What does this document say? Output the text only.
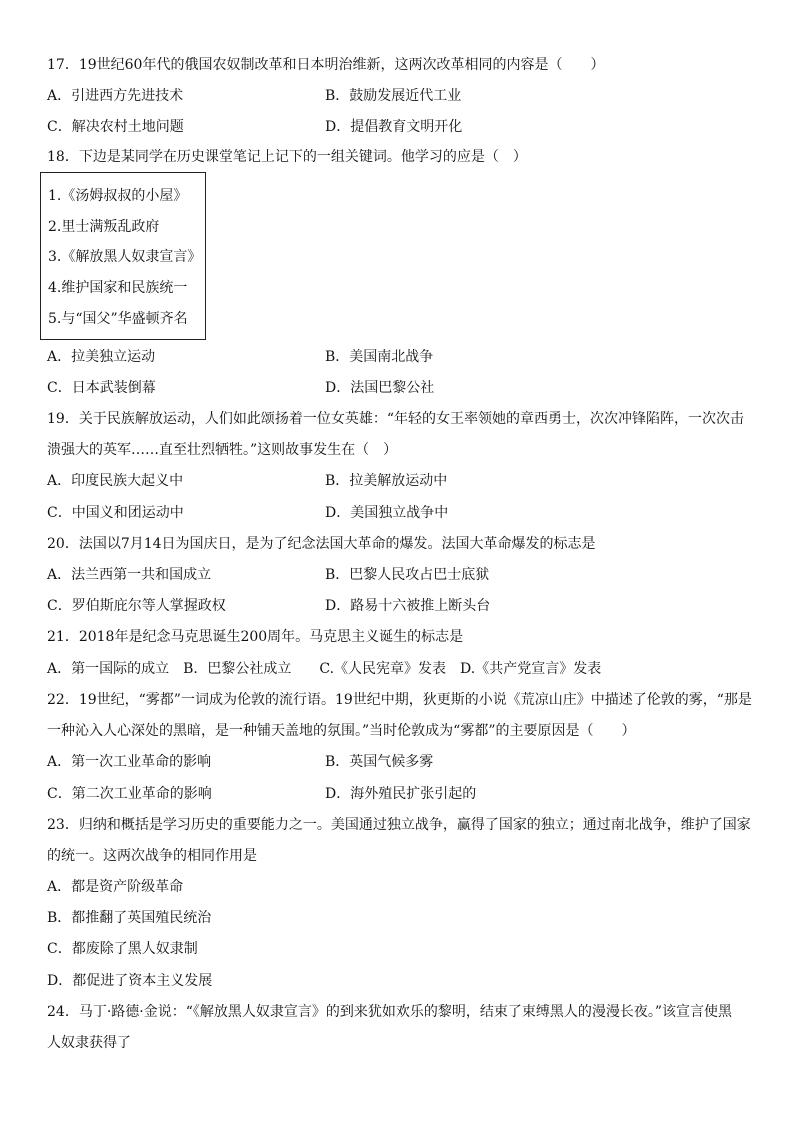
17．19世纪60年代的俄国农奴制改革和日本明治维新，这两次改革相同的内容是（　　）
A．引进西方先进技术	B．鼓励发展近代工业
C．解决农村土地问题	D．提倡教育文明开化
18．下边是某同学在历史课堂笔记上记下的一组关键词。他学习的应是（　）
1.《汤姆叔叔的小屋》
2.里士满叛乱政府
3.《解放黑人奴隶宣言》
4.维护国家和民族统一
5.与“国父”华盛顿齐名
A．拉美独立运动	B．美国南北战争
C．日本武装倒幕	D．法国巴黎公社
19．关于民族解放运动，人们如此颂扬着一位女英雄：“年轻的女王率领她的章西勇士，次次冲锋陷阵，一次次击
溃强大的英军……直至壮烈牺牲。”这则故事发生在（　）
A．印度民族大起义中	B．拉美解放运动中
C．中国义和团运动中	D．美国独立战争中
20．法国以7月14日为国庆日，是为了纪念法国大革命的爆发。法国大革命爆发的标志是
A．法兰西第一共和国成立	B．巴黎人民攻占巴士底狱
C．罗伯斯庇尔等人掌握政权	D．路易十六被推上断头台
21．2018年是纪念马克思诞生200周年。马克思主义诞生的标志是
A．第一国际的成立　B．巴黎公社成立　　C.《人民宪章》发表　D.《共产党宣言》发表
22．19世纪，“雾都”一词成为伦敦的流行语。19世纪中期，狄更斯的小说《荒凉山庄》中描述了伦敦的雾，“那是
一种沁入人心深处的黑暗，是一种铺天盖地的氛围。”当时伦敦成为“雾都”的主要原因是（　　）
A．第一次工业革命的影响	B．英国气候多雾
C．第二次工业革命的影响	D．海外殖民扩张引起的
23．归纳和概括是学习历史的重要能力之一。美国通过独立战争，赢得了国家的独立；通过南北战争，维护了国家
的统一。这两次战争的相同作用是
A．都是资产阶级革命
B．都推翻了英国殖民统治
C．都废除了黑人奴隶制
D．都促进了资本主义发展
24．马丁·路德·金说：“《解放黑人奴隶宣言》的到来犹如欢乐的黎明，结束了束缚黑人的漫漫长夜。”该宣言使黑
人奴隶获得了
